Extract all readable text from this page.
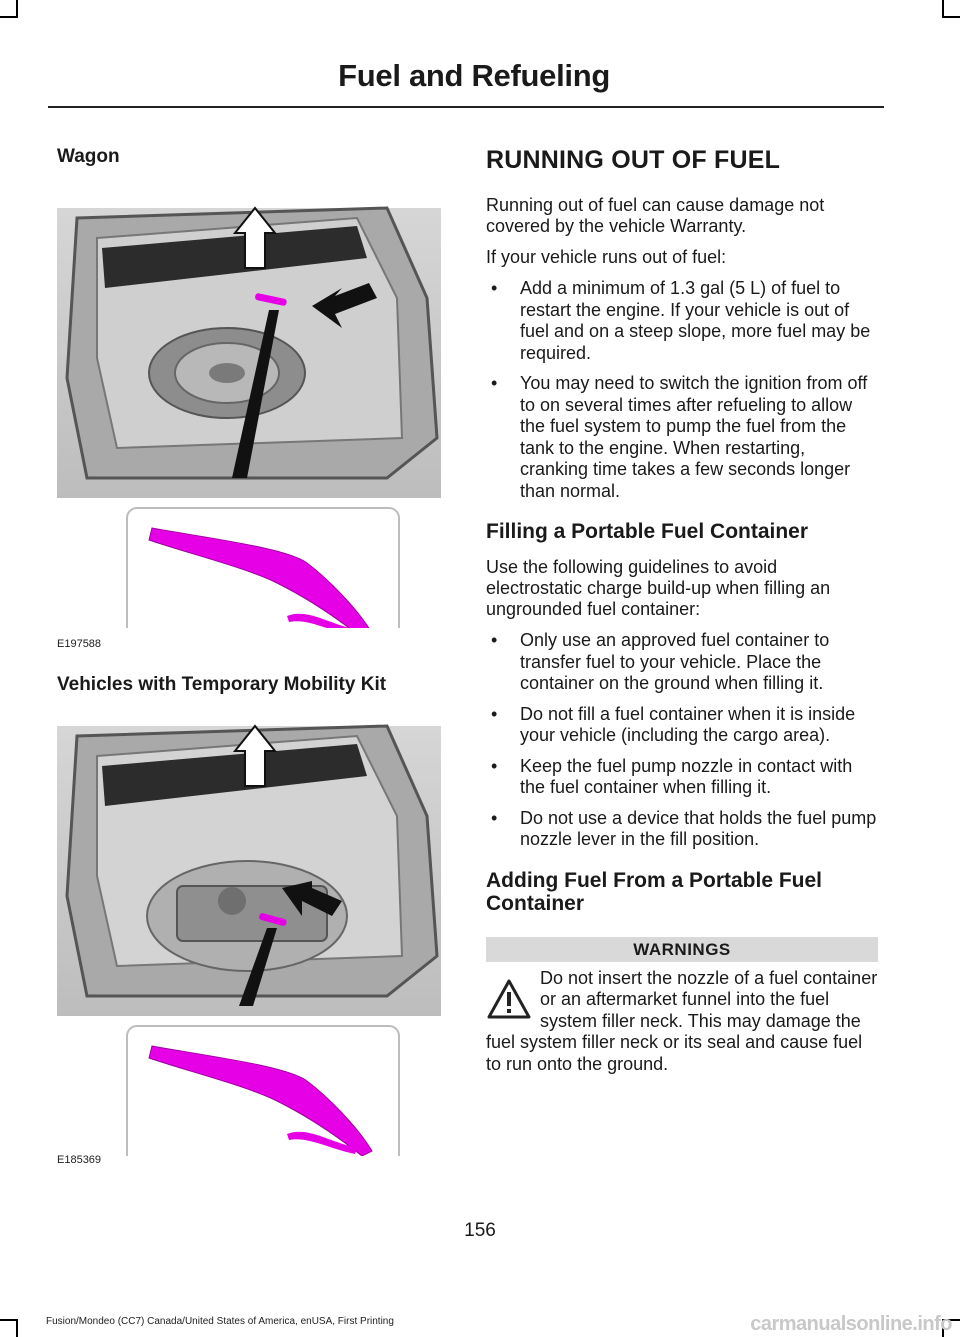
Fuel and Refueling
Wagon
E197588
Vehicles with Temporary Mobility Kit
E185369
RUNNING OUT OF FUEL

Running out of fuel can cause damage not covered by the vehicle Warranty.

If your vehicle runs out of fuel:

• Add a minimum of 1.3 gal (5 L) of fuel to restart the engine. If your vehicle is out of fuel and on a steep slope, more fuel may be required.
• You may need to switch the ignition from off to on several times after refueling to allow the fuel system to pump the fuel from the tank to the engine. When restarting, cranking time takes a few seconds longer than normal.
Filling a Portable Fuel Container

Use the following guidelines to avoid electrostatic charge build-up when filling an ungrounded fuel container:

• Only use an approved fuel container to transfer fuel to your vehicle. Place the container on the ground when filling it.
• Do not fill a fuel container when it is inside your vehicle (including the cargo area).
• Keep the fuel pump nozzle in contact with the fuel container when filling it.
• Do not use a device that holds the fuel pump nozzle lever in the fill position.
Adding Fuel From a Portable Fuel Container
WARNINGS

Do not insert the nozzle of a fuel container or an aftermarket funnel into the fuel system filler neck. This may damage the fuel system filler neck or its seal and cause fuel to run onto the ground.

156
Fusion/Mondeo (CC7) Canada/United States of America, enUSA, First Printing	carmanualsonline.info
